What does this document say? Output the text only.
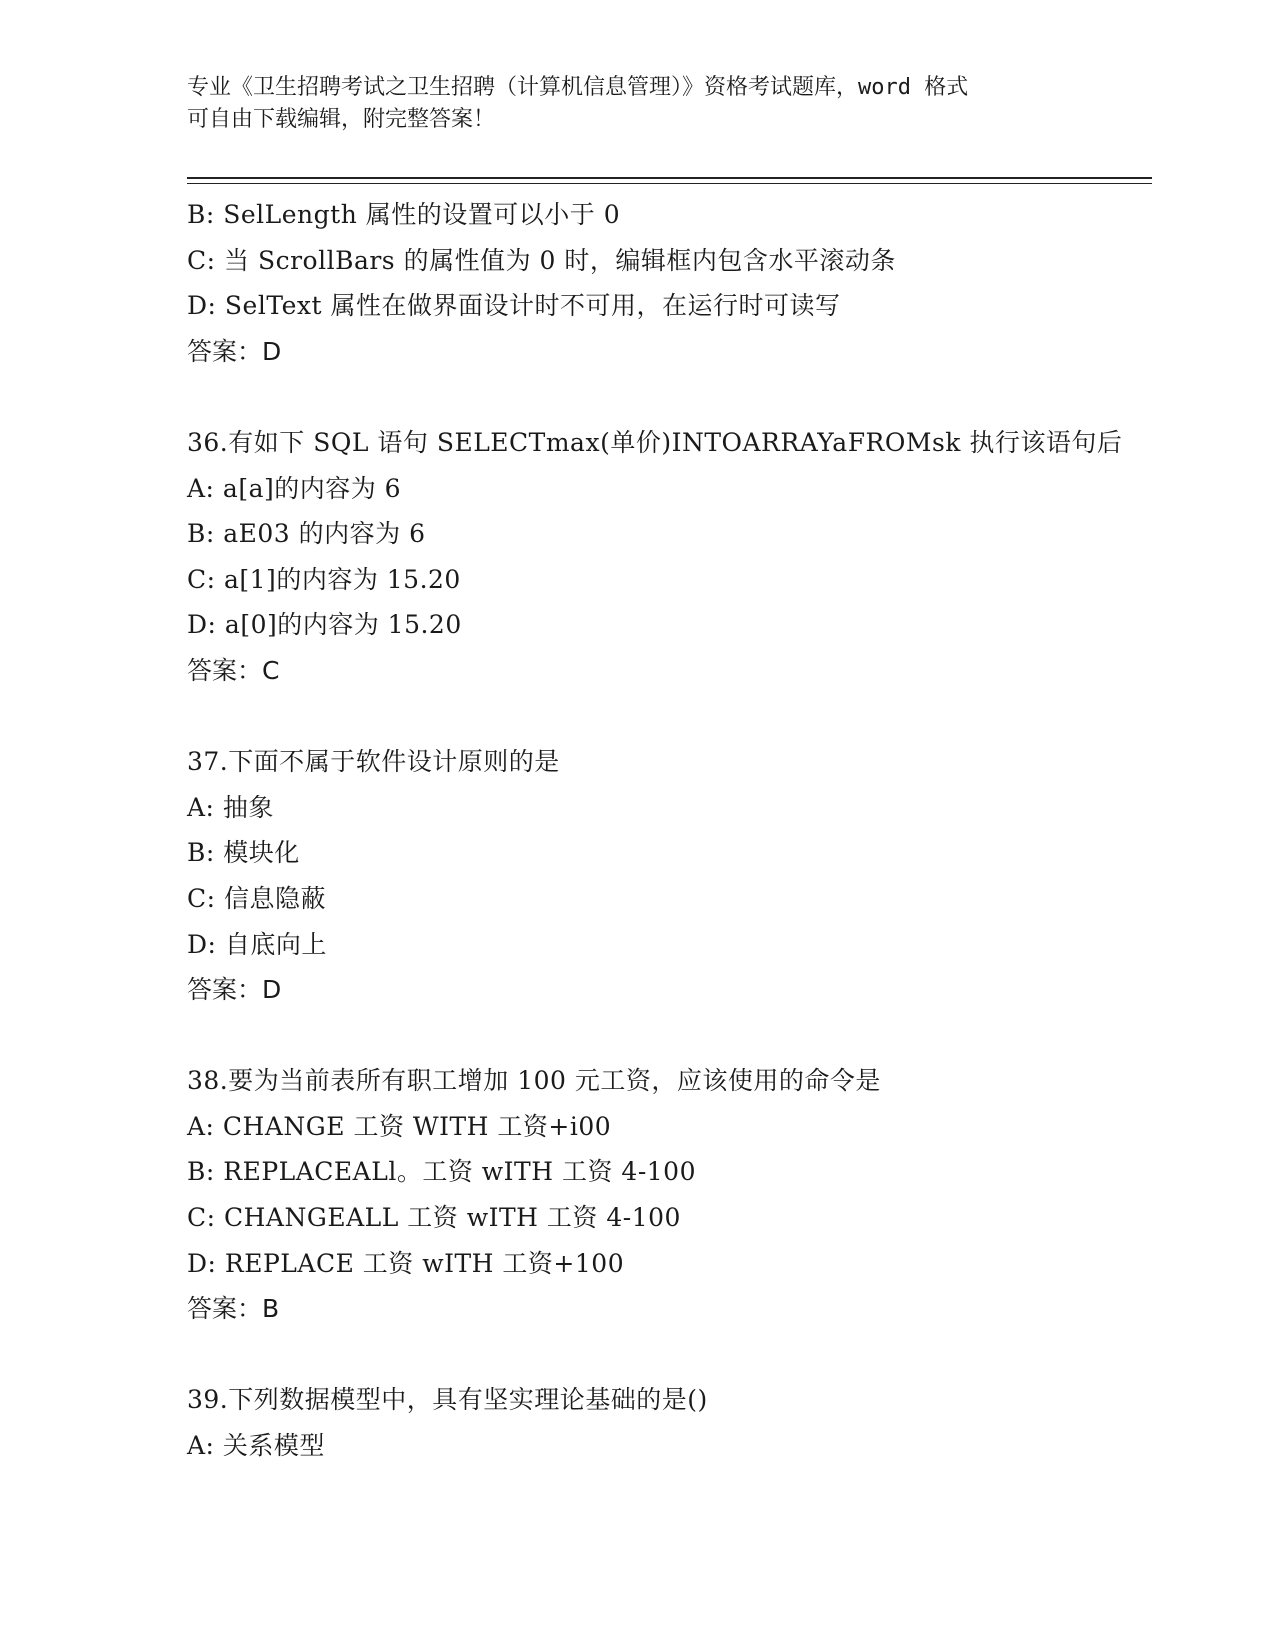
专业《卫生招聘考试之卫生招聘（计算机信息管理）》资格考试题库，word 格式
可自由下载编辑，附完整答案！
B: SelLength 属性的设置可以小于 0
C: 当 ScrollBars 的属性值为 0 时，编辑框内包含水平滚动条
D: SelText 属性在做界面设计时不可用，在运行时可读写
答案：D
36.有如下 SQL 语句 SELECTmax(单价)INTOARRAYaFROMsk 执行该语句后
A: a[a]的内容为 6
B: aE03 的内容为 6
C: a[1]的内容为 15.20
D: a[0]的内容为 15.20
答案：C
37.下面不属于软件设计原则的是
A: 抽象
B: 模块化
C: 信息隐蔽
D: 自底向上
答案：D
38.要为当前表所有职工增加 100 元工资，应该使用的命令是
A: CHANGE 工资 WITH 工资+i00
B: REPLACEALl。工资 wITH 工资 4-100
C: CHANGEALL 工资 wITH 工资 4-100
D: REPLACE 工资 wITH 工资+100
答案：B
39.下列数据模型中，具有坚实理论基础的是()
A: 关系模型
